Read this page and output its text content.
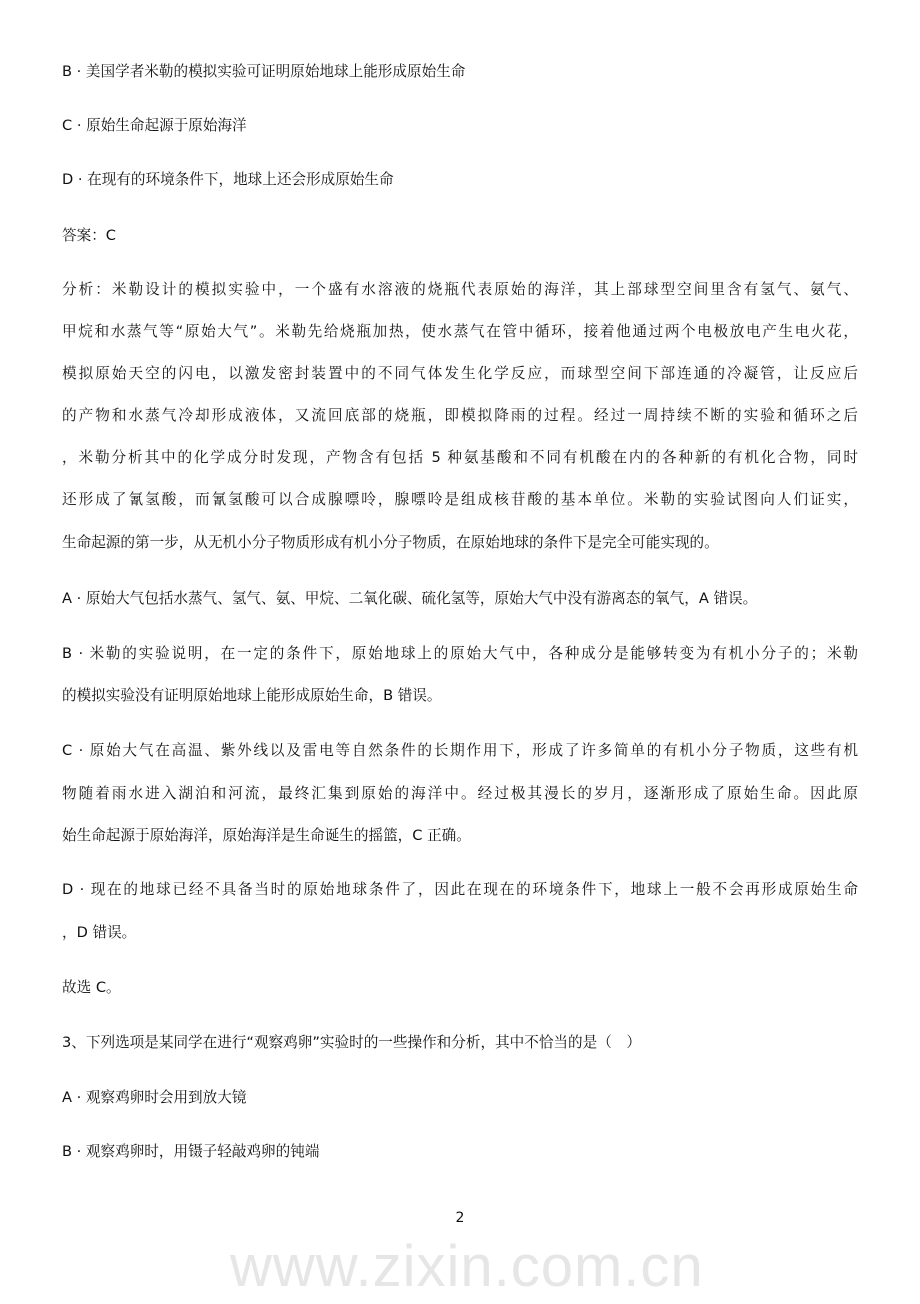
B · 美国学者米勒的模拟实验可证明原始地球上能形成原始生命
C · 原始生命起源于原始海洋
D · 在现有的环境条件下，地球上还会形成原始生命
答案：C
分析：米勒设计的模拟实验中，一个盛有水溶液的烧瓶代表原始的海洋，其上部球型空间里含有氢气、氨气、
甲烷和水蒸气等“原始大气”。米勒先给烧瓶加热，使水蒸气在管中循环，接着他通过两个电极放电产生电火花，
模拟原始天空的闪电，以激发密封装置中的不同气体发生化学反应，而球型空间下部连通的冷凝管，让反应后
的产物和水蒸气冷却形成液体，又流回底部的烧瓶，即模拟降雨的过程。经过一周持续不断的实验和循环之后
，米勒分析其中的化学成分时发现，产物含有包括 5 种氨基酸和不同有机酸在内的各种新的有机化合物，同时
还形成了氰氢酸，而氰氢酸可以合成腺嘌呤，腺嘌呤是组成核苷酸的基本单位。米勒的实验试图向人们证实，
生命起源的第一步，从无机小分子物质形成有机小分子物质，在原始地球的条件下是完全可能实现的。
A · 原始大气包括水蒸气、氢气、氨、甲烷、二氧化碳、硫化氢等，原始大气中没有游离态的氧气，A 错误。
B · 米勒的实验说明，在一定的条件下，原始地球上的原始大气中，各种成分是能够转变为有机小分子的；米勒
的模拟实验没有证明原始地球上能形成原始生命，B 错误。
C · 原始大气在高温、紫外线以及雷电等自然条件的长期作用下，形成了许多简单的有机小分子物质，这些有机
物随着雨水进入湖泊和河流，最终汇集到原始的海洋中。经过极其漫长的岁月，逐渐形成了原始生命。因此原
始生命起源于原始海洋，原始海洋是生命诞生的摇篮，C 正确。
D · 现在的地球已经不具备当时的原始地球条件了，因此在现在的环境条件下，地球上一般不会再形成原始生命
，D 错误。
故选 C。
3、下列选项是某同学在进行“观察鸡卵”实验时的一些操作和分析，其中不恰当的是（　）
A · 观察鸡卵时会用到放大镜
B · 观察鸡卵时，用镊子轻敲鸡卵的钝端
2
www.zixin.com.cn
